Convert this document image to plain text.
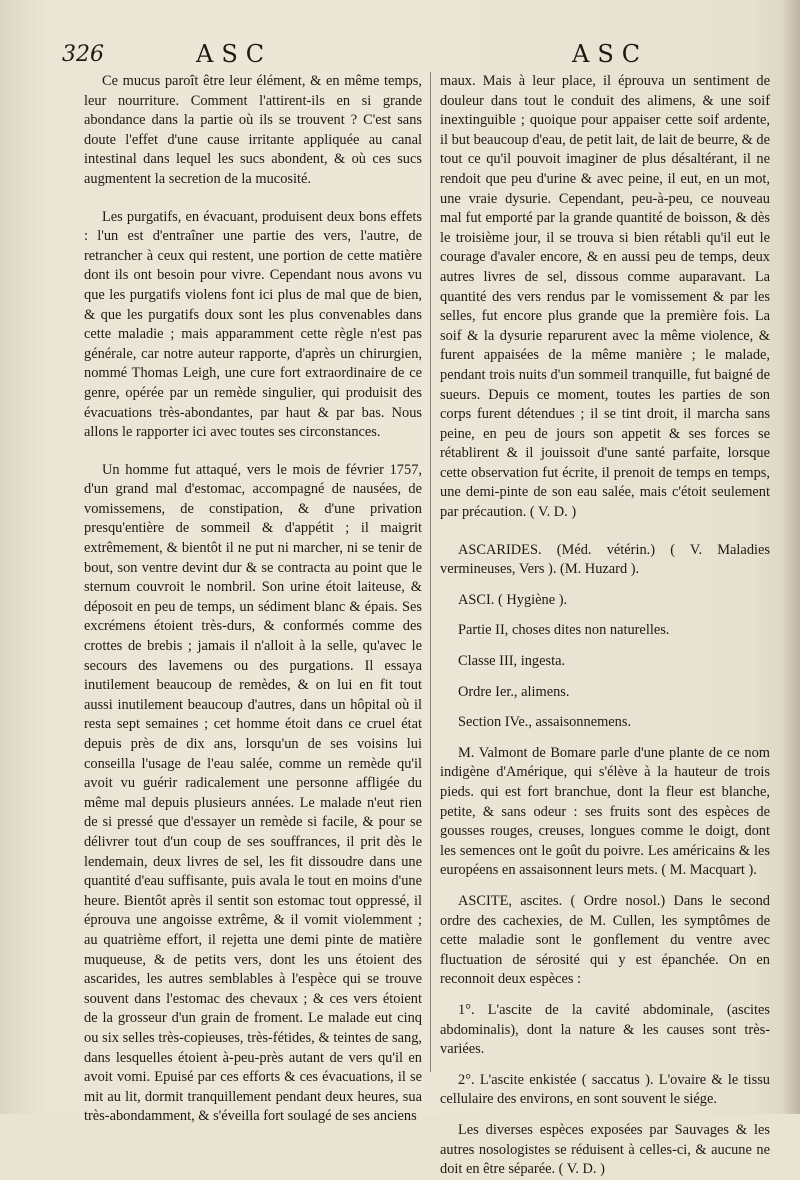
326	ASC	ASC

Ce mucus paroît être leur élément, & en même temps, leur nourriture. Comment l'attirent-ils en si grande abondance dans la partie où ils se trouvent ? C'est sans doute l'effet d'une cause irritante appliquée au canal intestinal dans lequel les sucs abondent, & où ces sucs augmentent la secretion de la mucosité.

Les purgatifs, en évacuant, produisent deux bons effets : l'un est d'entraîner une partie des vers, l'autre, de retrancher à ceux qui restent, une portion de cette matière dont ils ont besoin pour vivre. Cependant nous avons vu que les purgatifs violens font ici plus de mal que de bien, & que les purgatifs doux sont les plus convenables dans cette maladie ; mais apparamment cette règle n'est pas générale, car notre auteur rapporte, d'après un chirurgien, nommé Thomas Leigh, une cure fort extraordinaire de ce genre, opérée par un remède singulier, qui produisit des évacuations très-abondantes, par haut & par bas. Nous allons le rapporter ici avec toutes ses circonstances.

Un homme fut attaqué, vers le mois de février 1757, d'un grand mal d'estomac, accompagné de nausées, de vomissemens, de constipation, & d'une privation presqu'entière de sommeil & d'appétit ; il maigrit extrêmement, & bientôt il ne put ni marcher, ni se tenir de bout, son ventre devint dur & se contracta au point que le sternum couvroit le nombril. Son urine étoit laiteuse, & déposoit en peu de temps, un sédiment blanc & épais. Ses excrémens étoient très-durs, & conformés comme des crottes de brebis ; jamais il n'alloit à la selle, qu'avec le secours des lavemens ou des purgations. Il essaya inutilement beaucoup de remèdes, & on lui en fit tout aussi inutilement beaucoup d'autres, dans un hôpital où il resta sept semaines ; cet homme étoit dans ce cruel état depuis près de dix ans, lorsqu'un de ses voisins lui conseilla l'usage de l'eau salée, comme un remède qu'il avoit vu guérir radicalement une personne affligée du même mal depuis plusieurs années. Le malade n'eut rien de si pressé que d'essayer un remède si facile, & pour se délivrer tout d'un coup de ses souffrances, il prit dès le lendemain, deux livres de sel, les fit dissoudre dans une quantité d'eau suffisante, puis avala le tout en moins d'une heure. Bientôt après il sentit son estomac tout oppressé, il éprouva une angoisse extrême, & il vomit violemment ; au quatrième effort, il rejetta une demi pinte de matière muqueuse, & de petits vers, dont les uns étoient des ascarides, les autres semblables à l'espèce qui se trouve souvent dans l'estomac des chevaux ; & ces vers étoient de la grosseur d'un grain de froment. Le malade eut cinq ou six selles très-copieuses, très-fétides, & teintes de sang, dans lesquelles étoient à-peu-près autant de vers qu'il en avoit vomi. Epuisé par ces efforts & ces évacuations, il se mit au lit, dormit tranquillement pendant deux heures, sua très-abondamment, & s'éveilla fort soulagé de ses anciens

maux. Mais à leur place, il éprouva un sentiment de douleur dans tout le conduit des alimens, & une soif inextinguible ; quoique pour appaiser cette soif ardente, il but beaucoup d'eau, de petit lait, de lait de beurre, & de tout ce qu'il pouvoit imaginer de plus désaltérant, il ne rendoit que peu d'urine & avec peine, il eut, en un mot, une vraie dysurie. Cependant, peu-à-peu, ce nouveau mal fut emporté par la grande quantité de boisson, & dès le troisième jour, il se trouva si bien rétabli qu'il eut le courage d'avaler encore, & en aussi peu de temps, deux autres livres de sel, dissous comme auparavant. La quantité des vers rendus par le vomissement & par les selles, fut encore plus grande que la première fois. La soif & la dysurie reparurent avec la même violence, & furent appaisées de la même manière ; le malade, pendant trois nuits d'un sommeil tranquille, fut baigné de sueurs. Depuis ce moment, toutes les parties de son corps furent détendues ; il se tint droit, il marcha sans peine, en peu de jours son appetit & ses forces se rétablirent & il jouissoit d'une santé parfaite, lorsque cette observation fut écrite, il prenoit de temps en temps, une demi-pinte de son eau salée, mais c'étoit seulement par précaution. ( V. D. )

ASCARIDES. (Méd. vétérin.) ( V. Maladies vermineuses, Vers ). (M. Huzard ).

ASCI. ( Hygiène ).

Partie II, choses dites non naturelles.

Classe III, ingesta.

Ordre Ier., alimens.

Section IVe., assaisonnemens.

M. Valmont de Bomare parle d'une plante de ce nom indigène d'Amérique, qui s'élève à la hauteur de trois pieds. qui est fort branchue, dont la fleur est blanche, petite, & sans odeur : ses fruits sont des espèces de gousses rouges, creuses, longues comme le doigt, dont les semences ont le goût du poivre. Les américains & les européens en assaisonnent leurs mets. ( M. Macquart ).

ASCITE, ascites. ( Ordre nosol.) Dans le second ordre des cachexies, de M. Cullen, les symptômes de cette maladie sont le gonflement du ventre avec fluctuation de sérosité qui y est épanchée. On en reconnoit deux espèces :

1°. L'ascite de la cavité abdominale, (ascites abdominalis), dont la nature & les causes sont très-variées.

2°. L'ascite enkistée ( saccatus ). L'ovaire & le tissu cellulaire des environs, en sont souvent le siége.

Les diverses espèces exposées par Sauvages & les autres nosologistes se réduisent à celles-ci, & aucune ne doit en être séparée. ( V. D. )
